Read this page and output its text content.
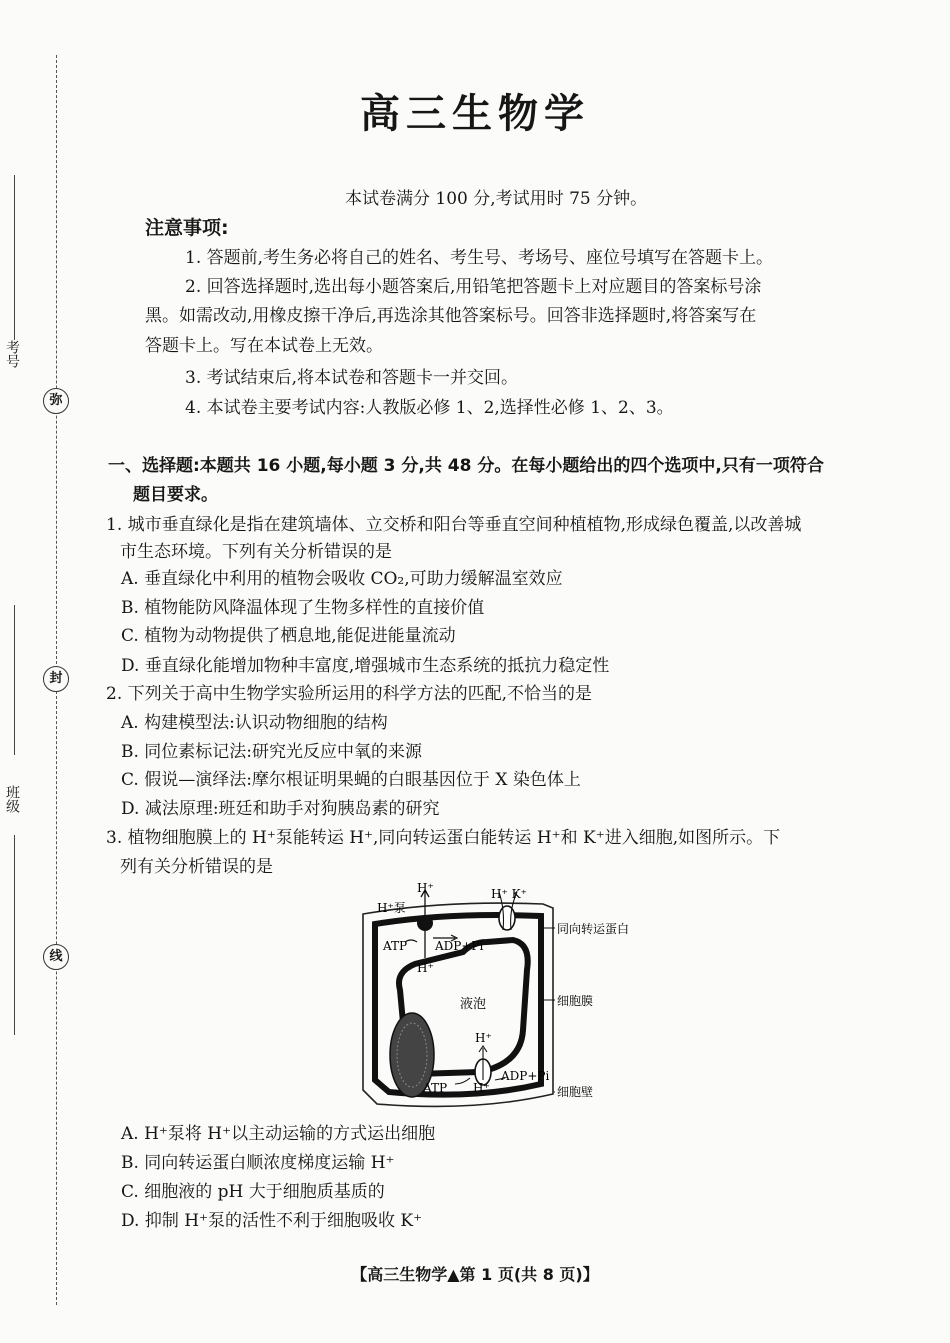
考号
弥
封
班级
线
高三生物学
本试卷满分 100 分,考试用时 75 分钟。
注意事项:
1. 答题前,考生务必将自己的姓名、考生号、考场号、座位号填写在答题卡上。
2. 回答选择题时,选出每小题答案后,用铅笔把答题卡上对应题目的答案标号涂
黑。如需改动,用橡皮擦干净后,再选涂其他答案标号。回答非选择题时,将答案写在
答题卡上。写在本试卷上无效。
3. 考试结束后,将本试卷和答题卡一并交回。
4. 本试卷主要考试内容:人教版必修 1、2,选择性必修 1、2、3。
一、选择题:本题共 16 小题,每小题 3 分,共 48 分。在每小题给出的四个选项中,只有一项符合
题目要求。
1. 城市垂直绿化是指在建筑墙体、立交桥和阳台等垂直空间种植植物,形成绿色覆盖,以改善城
市生态环境。下列有关分析错误的是
A. 垂直绿化中利用的植物会吸收 CO₂,可助力缓解温室效应
B. 植物能防风降温体现了生物多样性的直接价值
C. 植物为动物提供了栖息地,能促进能量流动
D. 垂直绿化能增加物种丰富度,增强城市生态系统的抵抗力稳定性
2. 下列关于高中生物学实验所运用的科学方法的匹配,不恰当的是
A. 构建模型法:认识动物细胞的结构
B. 同位素标记法:研究光反应中氧的来源
C. 假说—演绎法:摩尔根证明果蝇的白眼基因位于 X 染色体上
D. 减法原理:班廷和助手对狗胰岛素的研究
3. 植物细胞膜上的 H⁺泵能转运 H⁺,同向转运蛋白能转运 H⁺和 K⁺进入细胞,如图所示。下
列有关分析错误的是
H⁺泵
H⁺	H⁺ K⁺
ATP ADP+Pi
H⁺
液泡
H⁺
ATP H⁺
ADP+Pi
同向转运蛋白
细胞膜
细胞壁
A. H⁺泵将 H⁺以主动运输的方式运出细胞
B. 同向转运蛋白顺浓度梯度运输 H⁺
C. 细胞液的 pH 大于细胞质基质的
D. 抑制 H⁺泵的活性不利于细胞吸收 K⁺
【高三生物学▲第 1 页(共 8 页)】
